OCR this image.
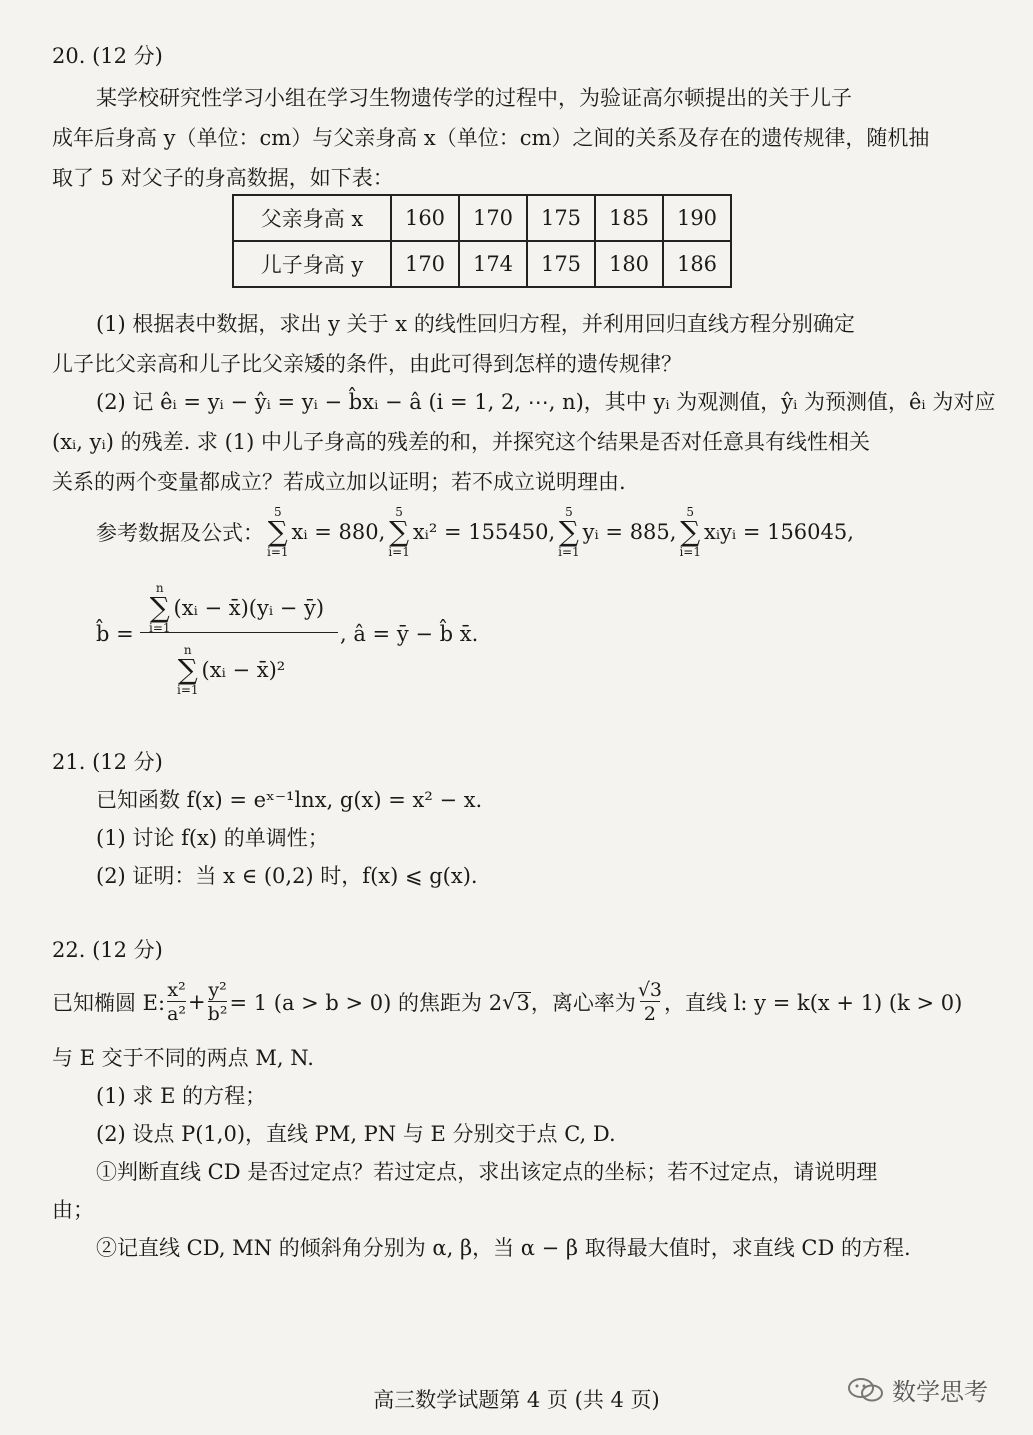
20. (12 分)
某学校研究性学习小组在学习生物遗传学的过程中，为验证高尔顿提出的关于儿子
成年后身高 y（单位：cm）与父亲身高 x（单位：cm）之间的关系及存在的遗传规律，随机抽
取了 5 对父子的身高数据，如下表：
父亲身高 x	160	170	175	185	190
儿子身高 y	170	174	175	180	186
(1) 根据表中数据，求出 y 关于 x 的线性回归方程，并利用回归直线方程分别确定
儿子比父亲高和儿子比父亲矮的条件，由此可得到怎样的遗传规律？
(2) 记 êᵢ = yᵢ − ŷᵢ = yᵢ − b̂xᵢ − â (i = 1, 2, ⋯, n)，其中 yᵢ 为观测值，ŷᵢ 为预测值，êᵢ 为对应
(xᵢ, yᵢ) 的残差. 求 (1) 中儿子身高的残差的和，并探究这个结果是否对任意具有线性相关
关系的两个变量都成立？若成立加以证明；若不成立说明理由.
参考数据及公式：
5
∑
i=1
xᵢ = 880,
5
∑
i=1
xᵢ² = 155450,
5
∑
i=1
yᵢ = 885,
5
∑
i=1
xᵢyᵢ = 156045,
b̂ =
n
∑
i=1
(xᵢ − x̄)(yᵢ − ȳ)
n
∑
i=1
(xᵢ − x̄)²
, â = ȳ − b̂ x̄.
21. (12 分)
已知函数 f(x) = eˣ⁻¹lnx, g(x) = x² − x.
(1) 讨论 f(x) 的单调性；
(2) 证明：当 x ∈ (0,2) 时，f(x) ⩽ g(x).
22. (12 分)
已知椭圆 E: $\frac{\text{x²}}{\text{a²}} + \frac{\text{y²}}{\text{b²}} = 1$ (a > b > 0) 的焦距为 2 √ 3 ，离心率为 $\frac{√3}{2}$ ，直线 l: y = k(x + 1) (k > 0)
与 E 交于不同的两点 M, N.
(1) 求 E 的方程；
(2) 设点 P(1,0)，直线 PM, PN 与 E 分别交于点 C, D.
①判断直线 CD 是否过定点？若过定点，求出该定点的坐标；若不过定点，请说明理
由；
②记直线 CD, MN 的倾斜角分别为 α, β，当 α − β 取得最大值时，求直线 CD 的方程.
高三数学试题第 4 页 (共 4 页)	数学思考
